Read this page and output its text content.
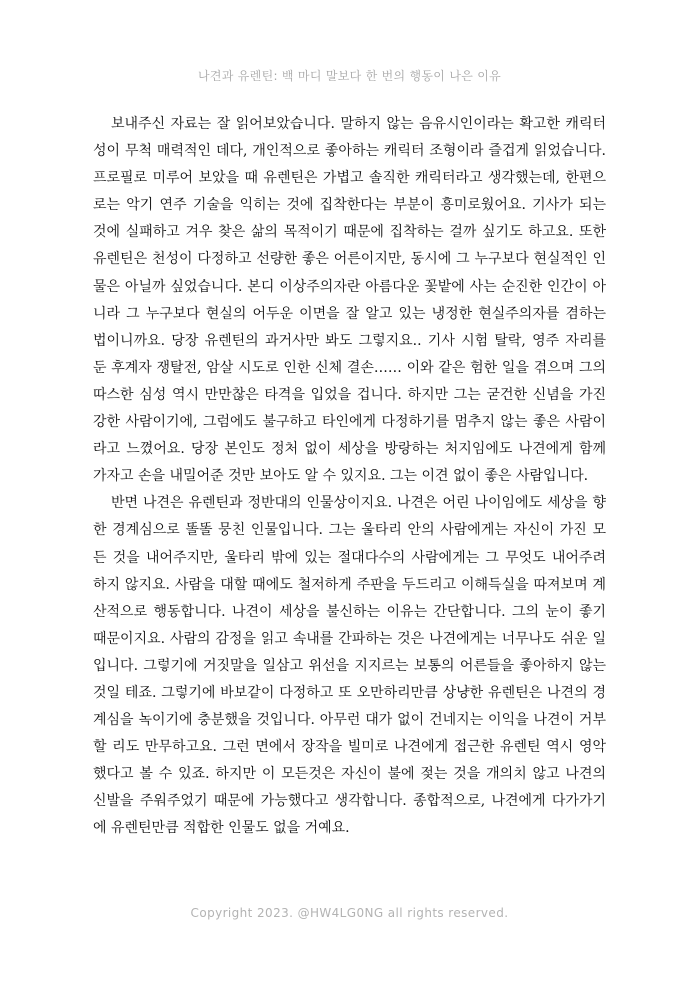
나견과 유렌틴: 백 마디 말보다 한 번의 행동이 나은 이유

보내주신 자료는 잘 읽어보았습니다. 말하지 않는 음유시인이라는 확고한 캐릭터성이 무척 매력적인 데다, 개인적으로 좋아하는 캐릭터 조형이라 즐겁게 읽었습니다. 프로필로 미루어 보았을 때 유렌틴은 가볍고 솔직한 캐릭터라고 생각했는데, 한편으로는 악기 연주 기술을 익히는 것에 집착한다는 부분이 흥미로웠어요. 기사가 되는 것에 실패하고 겨우 찾은 삶의 목적이기 때문에 집착하는 걸까 싶기도 하고요. 또한 유렌틴은 천성이 다정하고 선량한 좋은 어른이지만, 동시에 그 누구보다 현실적인 인물은 아닐까 싶었습니다. 본디 이상주의자란 아름다운 꽃밭에 사는 순진한 인간이 아니라 그 누구보다 현실의 어두운 이면을 잘 알고 있는 냉정한 현실주의자를 겸하는 법이니까요. 당장 유렌틴의 과거사만 봐도 그렇지요.. 기사 시험 탈락, 영주 자리를 둔 후계자 쟁탈전, 암살 시도로 인한 신체 결손…… 이와 같은 험한 일을 겪으며 그의 따스한 심성 역시 만만찮은 타격을 입었을 겁니다. 하지만 그는 굳건한 신념을 가진 강한 사람이기에, 그럼에도 불구하고 타인에게 다정하기를 멈추지 않는 좋은 사람이라고 느꼈어요. 당장 본인도 정처 없이 세상을 방랑하는 처지임에도 나견에게 함께 가자고 손을 내밀어준 것만 보아도 알 수 있지요. 그는 이견 없이 좋은 사람입니다.

반면 나견은 유렌틴과 정반대의 인물상이지요. 나견은 어린 나이임에도 세상을 향한 경계심으로 똘똘 뭉친 인물입니다. 그는 울타리 안의 사람에게는 자신이 가진 모든 것을 내어주지만, 울타리 밖에 있는 절대다수의 사람에게는 그 무엇도 내어주려 하지 않지요. 사람을 대할 때에도 철저하게 주판을 두드리고 이해득실을 따져보며 계산적으로 행동합니다. 나견이 세상을 불신하는 이유는 간단합니다. 그의 눈이 좋기 때문이지요. 사람의 감정을 읽고 속내를 간파하는 것은 나견에게는 너무나도 쉬운 일입니다. 그렇기에 거짓말을 일삼고 위선을 지지르는 보통의 어른들을 좋아하지 않는 것일 테죠. 그렇기에 바보같이 다정하고 또 오만하리만큼 상냥한 유렌틴은 나견의 경계심을 녹이기에 충분했을 것입니다. 아무런 대가 없이 건네지는 이익을 나견이 거부할 리도 만무하고요. 그런 면에서 장작을 빌미로 나견에게 접근한 유렌틴 역시 영악했다고 볼 수 있죠. 하지만 이 모든것은 자신이 불에 젖는 것을 개의치 않고 나견의 신발을 주워주었기 때문에 가능했다고 생각합니다. 종합적으로, 나견에게 다가가기에 유렌틴만큼 적합한 인물도 없을 거예요.

Copyright 2023. @HW4LG0NG all rights reserved.
